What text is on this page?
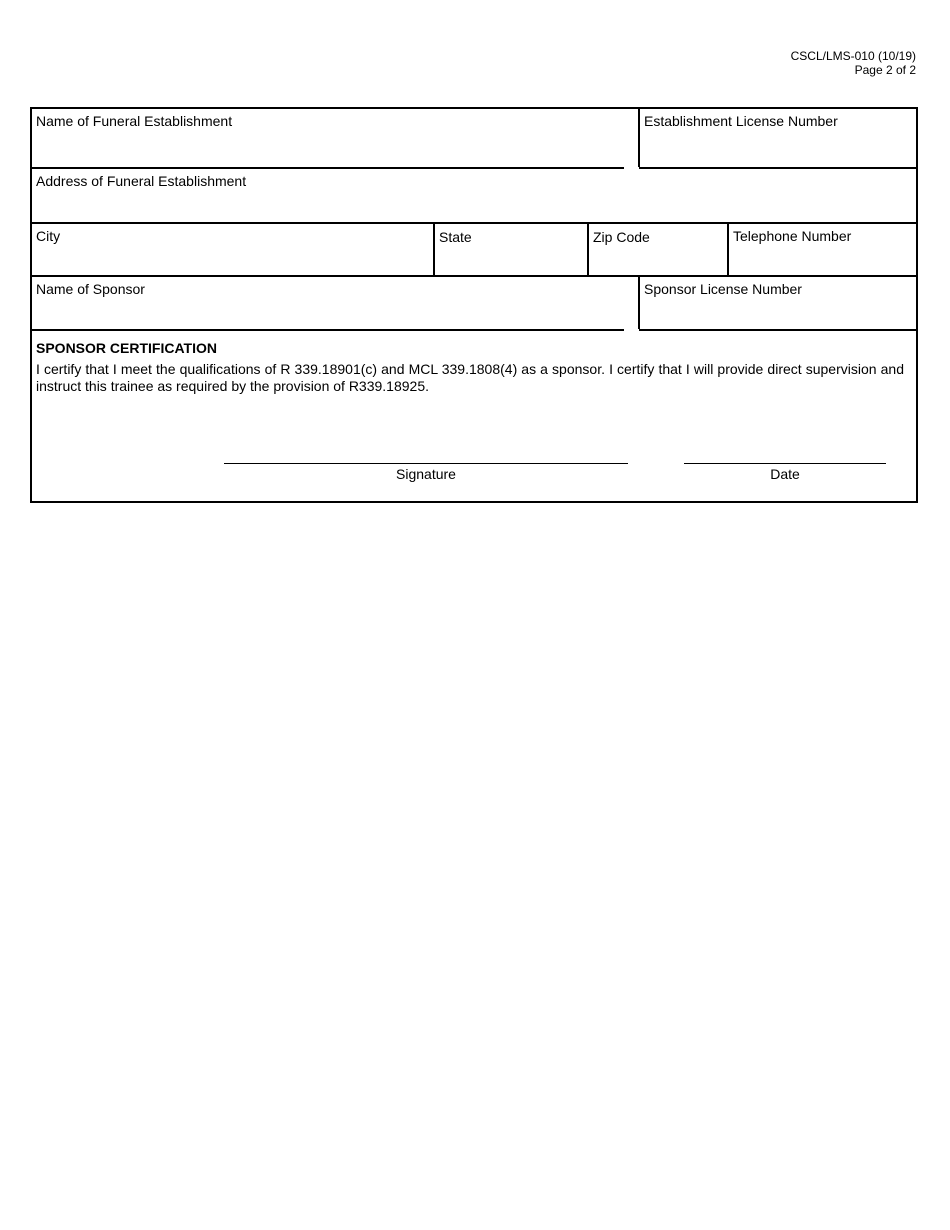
CSCL/LMS-010 (10/19)
Page 2 of 2
Name of Funeral Establishment	Establishment License Number
Address of Funeral Establishment
City	State	Zip Code	Telephone Number
Name of Sponsor	Sponsor License Number
SPONSOR CERTIFICATION
I certify that I meet the qualifications of R 339.18901(c) and MCL 339.1808(4) as a sponsor. I certify that I will provide direct supervision and instruct this trainee as required by the provision of R339.18925.
Signature	Date
